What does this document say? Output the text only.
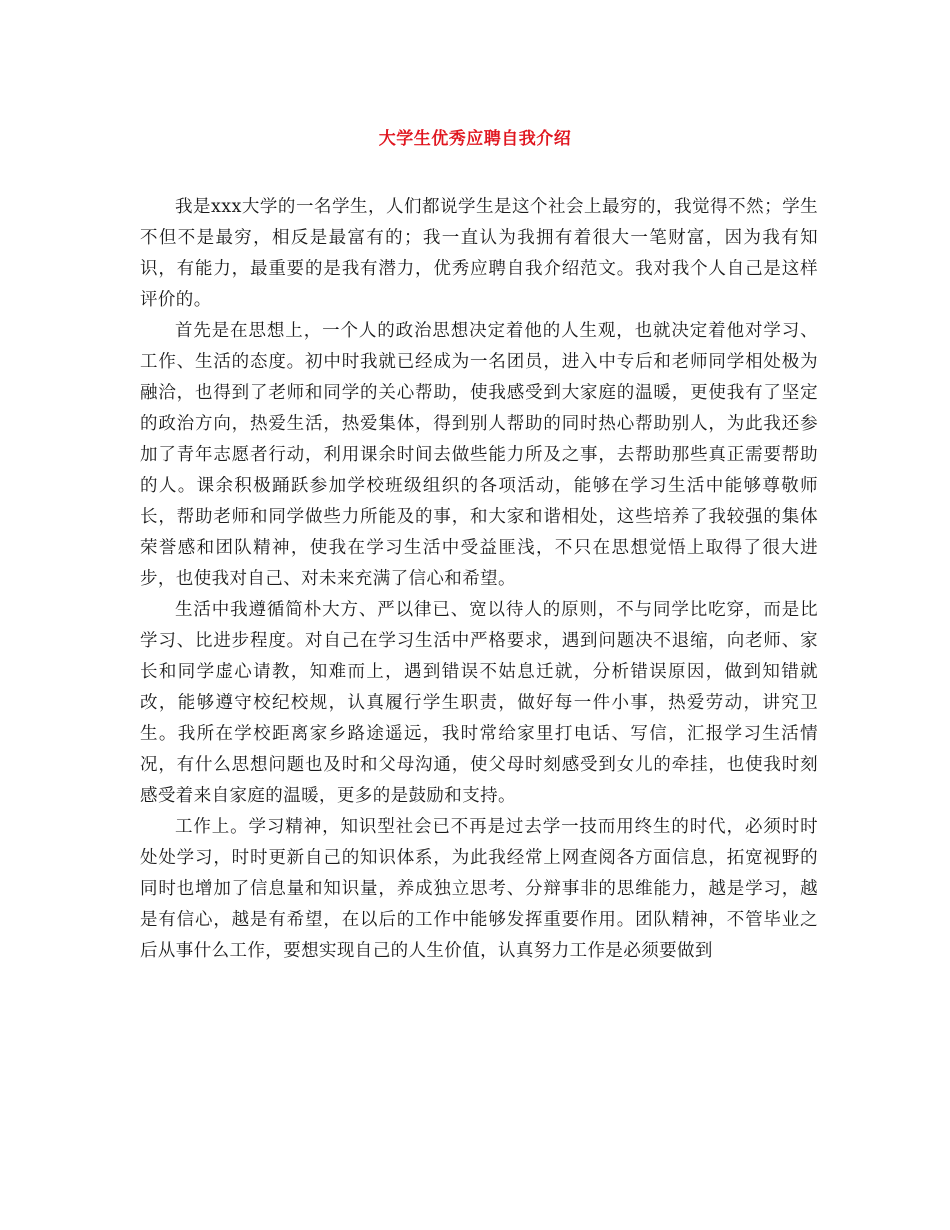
大学生优秀应聘自我介绍

我是xxx大学的一名学生，人们都说学生是这个社会上最穷的，我觉得不然；学生不但不是最穷，相反是最富有的；我一直认为我拥有着很大一笔财富，因为我有知识，有能力，最重要的是我有潜力，优秀应聘自我介绍范文。我对我个人自己是这样评价的。

首先是在思想上，一个人的政治思想决定着他的人生观，也就决定着他对学习、工作、生活的态度。初中时我就已经成为一名团员，进入中专后和老师同学相处极为融洽，也得到了老师和同学的关心帮助，使我感受到大家庭的温暖，更使我有了坚定的政治方向，热爱生活，热爱集体，得到别人帮助的同时热心帮助别人，为此我还参加了青年志愿者行动，利用课余时间去做些能力所及之事，去帮助那些真正需要帮助的人。课余积极踊跃参加学校班级组织的各项活动，能够在学习生活中能够尊敬师长，帮助老师和同学做些力所能及的事，和大家和谐相处，这些培养了我较强的集体荣誉感和团队精神，使我在学习生活中受益匪浅，不只在思想觉悟上取得了很大进步，也使我对自己、对未来充满了信心和希望。

生活中我遵循简朴大方、严以律已、宽以待人的原则，不与同学比吃穿，而是比学习、比进步程度。对自己在学习生活中严格要求，遇到问题决不退缩，向老师、家长和同学虚心请教，知难而上，遇到错误不姑息迁就，分析错误原因，做到知错就改，能够遵守校纪校规，认真履行学生职责，做好每一件小事，热爱劳动，讲究卫生。我所在学校距离家乡路途遥远，我时常给家里打电话、写信，汇报学习生活情况，有什么思想问题也及时和父母沟通，使父母时刻感受到女儿的牵挂，也使我时刻感受着来自家庭的温暖，更多的是鼓励和支持。

工作上。学习精神，知识型社会已不再是过去学一技而用终生的时代，必须时时处处学习，时时更新自己的知识体系，为此我经常上网查阅各方面信息，拓宽视野的同时也增加了信息量和知识量，养成独立思考、分辩事非的思维能力，越是学习，越是有信心，越是有希望，在以后的工作中能够发挥重要作用。团队精神，不管毕业之后从事什么工作，要想实现自己的人生价值，认真努力工作是必须要做到
